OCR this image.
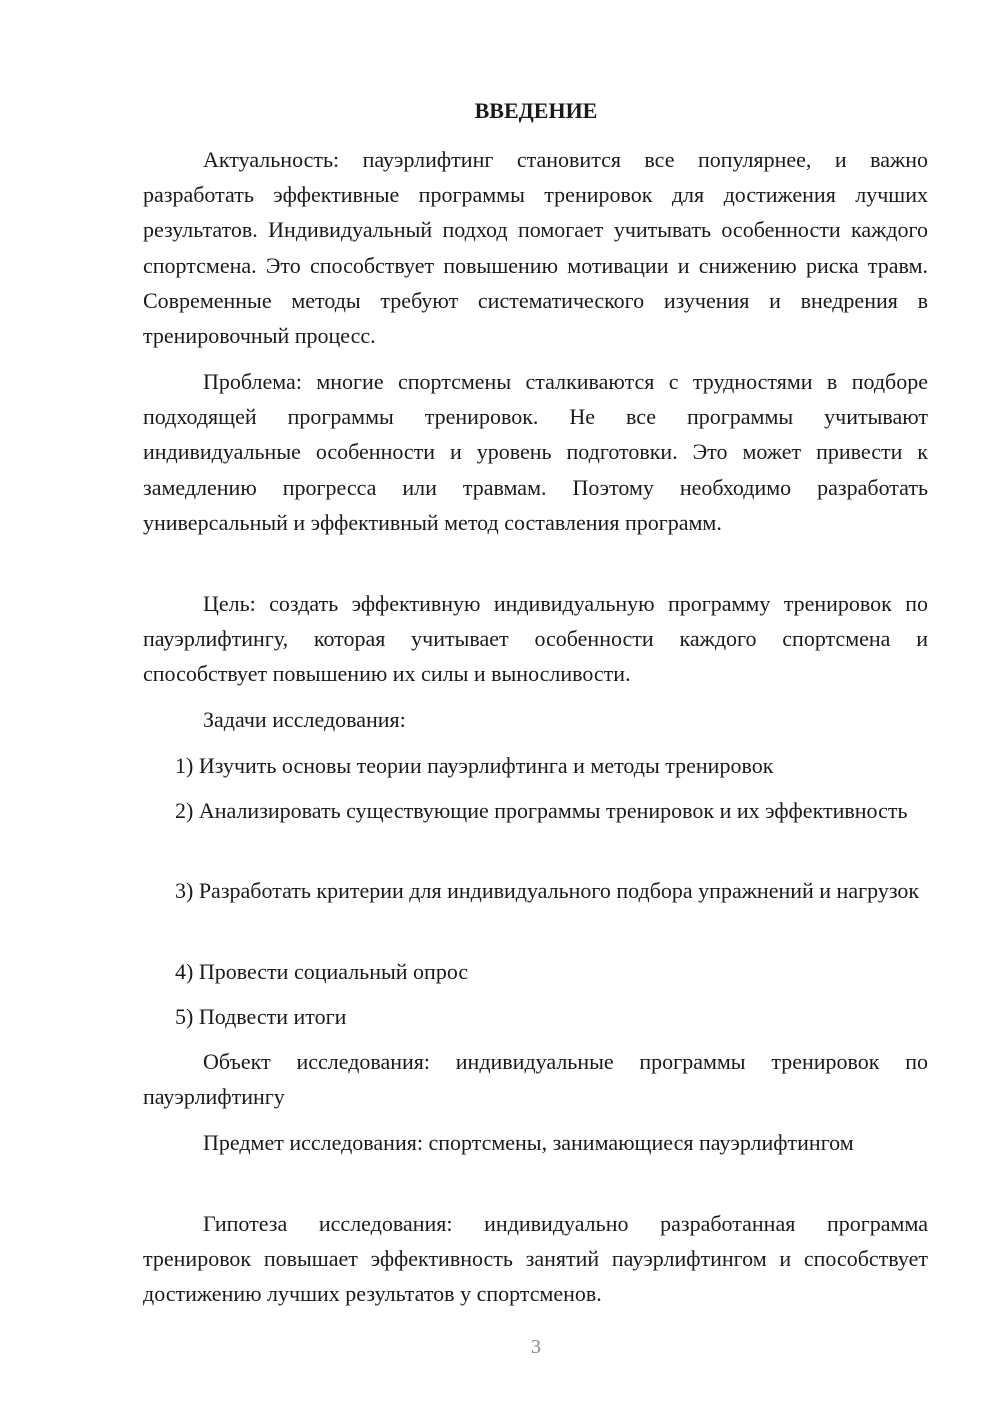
ВВЕДЕНИЕ

Актуальность: пауэрлифтинг становится все популярнее, и важно разработать эффективные программы тренировок для достижения лучших результатов. Индивидуальный подход помогает учитывать особенности каждого спортсмена. Это способствует повышению мотивации и снижению риска травм. Современные методы требуют систематического изучения и внедрения в тренировочный процесс.

Проблема: многие спортсмены сталкиваются с трудностями в подборе подходящей программы тренировок. Не все программы учитывают индивидуальные особенности и уровень подготовки. Это может привести к замедлению прогресса или травмам. Поэтому необходимо разработать универсальный и эффективный метод составления программ.

Цель: создать эффективную индивидуальную программу тренировок по пауэрлифтингу, которая учитывает особенности каждого спортсмена и способствует повышению их силы и выносливости.

Задачи исследования:

1) Изучить основы теории пауэрлифтинга и методы тренировок

2) Анализировать существующие программы тренировок и их эффективность

3) Разработать критерии для индивидуального подбора упражнений и нагрузок

4) Провести социальный опрос

5) Подвести итоги

Объект исследования: индивидуальные программы тренировок по пауэрлифтингу

Предмет исследования: спортсмены, занимающиеся пауэрлифтингом

Гипотеза исследования: индивидуально разработанная программа тренировок повышает эффективность занятий пауэрлифтингом и способствует достижению лучших результатов у спортсменов.

3
